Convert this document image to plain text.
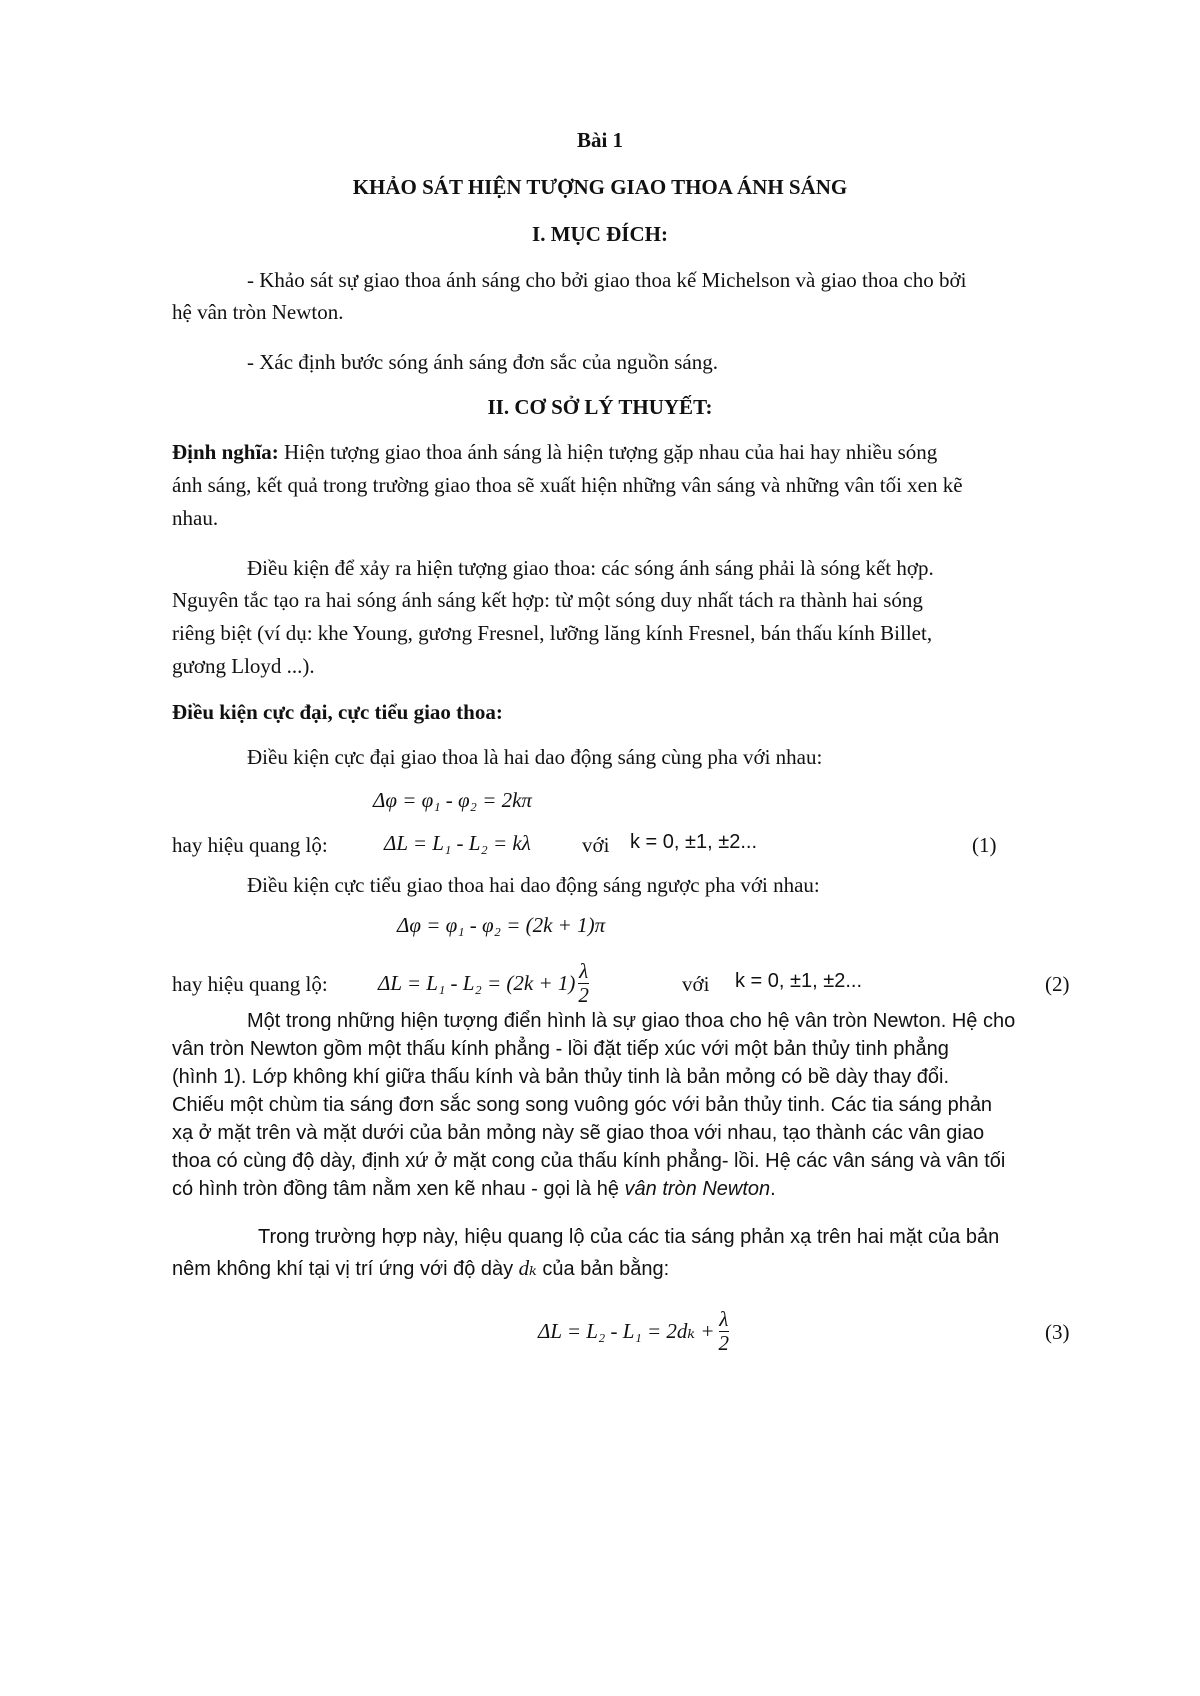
Bài 1
KHẢO SÁT HIỆN TƯỢNG GIAO THOA ÁNH SÁNG
I. MỤC ĐÍCH:
- Khảo sát sự giao thoa ánh sáng cho bởi giao thoa kế Michelson và giao thoa cho bởi
hệ vân tròn Newton.
- Xác định bước sóng ánh sáng đơn sắc của nguồn sáng.
II. CƠ SỞ LÝ THUYẾT:
Định nghĩa: Hiện tượng giao thoa ánh sáng là hiện tượng gặp nhau của hai hay nhiều sóng
ánh sáng, kết quả trong trường giao thoa sẽ xuất hiện những vân sáng và những vân tối xen kẽ
nhau.
Điều kiện để xảy ra hiện tượng giao thoa: các sóng ánh sáng phải là sóng kết hợp.
Nguyên tắc tạo ra hai sóng ánh sáng kết hợp: từ một sóng duy nhất tách ra thành hai sóng
riêng biệt (ví dụ: khe Young, gương Fresnel, lưỡng lăng kính Fresnel, bán thấu kính Billet,
gương Lloyd ...).
Điều kiện cực đại, cực tiểu giao thoa:
Điều kiện cực đại giao thoa là hai dao động sáng cùng pha với nhau:
Δφ = φ₁ - φ₂ = 2kπ
hay hiệu quang lộ:	ΔL = L₁ - L₂ = kλ với k = 0, ±1, ±2...	(1)
Điều kiện cực tiểu giao thoa hai dao động sáng ngược pha với nhau:
Δφ = φ₁ - φ₂ = (2k + 1)π
hay hiệu quang lộ: $\Delta L = L_1 - L_2 = (2k + 1) \frac{\lambda}{2}$	với k = 0, ±1, ±2...	(2)
Một trong những hiện tượng điển hình là sự giao thoa cho hệ vân tròn Newton. Hệ cho
vân tròn Newton gồm một thấu kính phẳng - lồi đặt tiếp xúc với một bản thủy tinh phẳng
(hình 1). Lớp không khí giữa thấu kính và bản thủy tinh là bản mỏng có bề dày thay đổi.
Chiếu một chùm tia sáng đơn sắc song song vuông góc với bản thủy tinh. Các tia sáng phản
xạ ở mặt trên và mặt dưới của bản mỏng này sẽ giao thoa với nhau, tạo thành các vân giao
thoa có cùng độ dày, định xứ ở mặt cong của thấu kính phẳng- lồi. Hệ các vân sáng và vân tối
có hình tròn đồng tâm nằm xen kẽ nhau - gọi là hệ vân tròn Newton.
Trong trường hợp này, hiệu quang lộ của các tia sáng phản xạ trên hai mặt của bản
nêm không khí tại vị trí ứng với độ dày dₖ của bản bằng:
$\Delta L = L_2 - L_1 = 2d_k + \frac{\lambda}{2}$	(3)
